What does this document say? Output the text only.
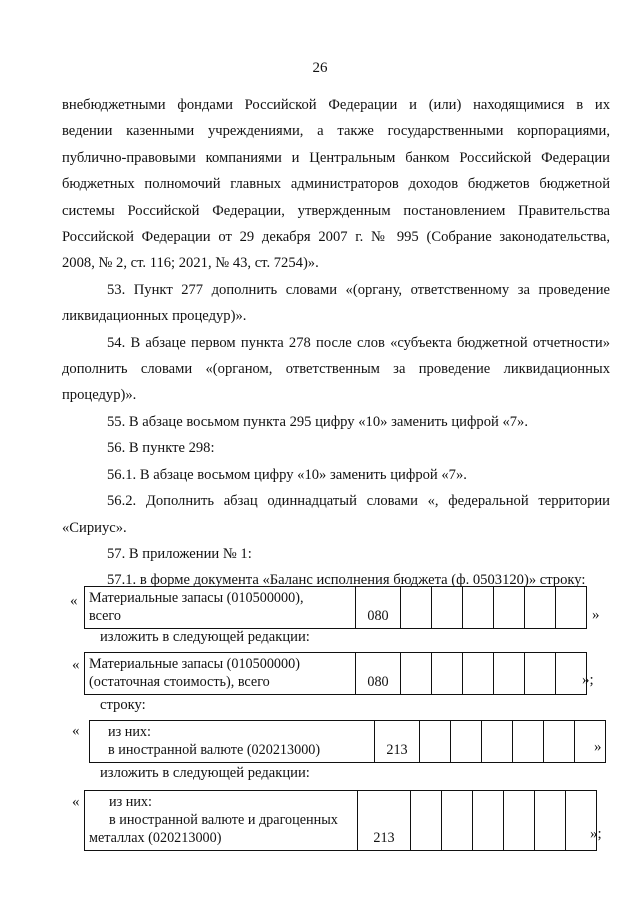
26

внебюджетными фондами Российской Федерации и (или) находящимися в их

ведении казенными учреждениями, а также государственными корпорациями,

публично-правовыми компаниями и Центральным банком Российской Федерации

бюджетных полномочий главных администраторов доходов бюджетов бюджетной

системы Российской Федерации, утвержденным постановлением Правительства

Российской Федерации от 29 декабря 2007 г. № 995 (Собрание законодательства,

2008, № 2, ст. 116; 2021, № 43, ст. 7254)».

53. Пункт 277 дополнить словами «(органу, ответственному за проведение ликвидационных процедур)».

54. В абзаце первом пункта 278 после слов «субъекта бюджетной отчетности» дополнить словами «(органом, ответственным за проведение ликвидационных процедур)».

55. В абзаце восьмом пункта 295 цифру «10» заменить цифрой «7».

56. В пункте 298:

56.1. В абзаце восьмом цифру «10» заменить цифрой «7».

56.2. Дополнить абзац одиннадцатый словами «, федеральной территории «Сириус».

57. В приложении № 1:

57.1. в форме документа «Баланс исполнения бюджета (ф. 0503120)» строку:

« Материальные запасы (010500000),
всего	080							»
изложить в следующей редакции:
« Материальные запасы (010500000)
(остаточная стоимость), всего	080							»;
строку:
« из них:
в иностранной валюте (020213000)	213							»
изложить в следующей редакции:
«	из них:
в иностранной валюте и драгоценных
металлах (020213000)	213							»;
